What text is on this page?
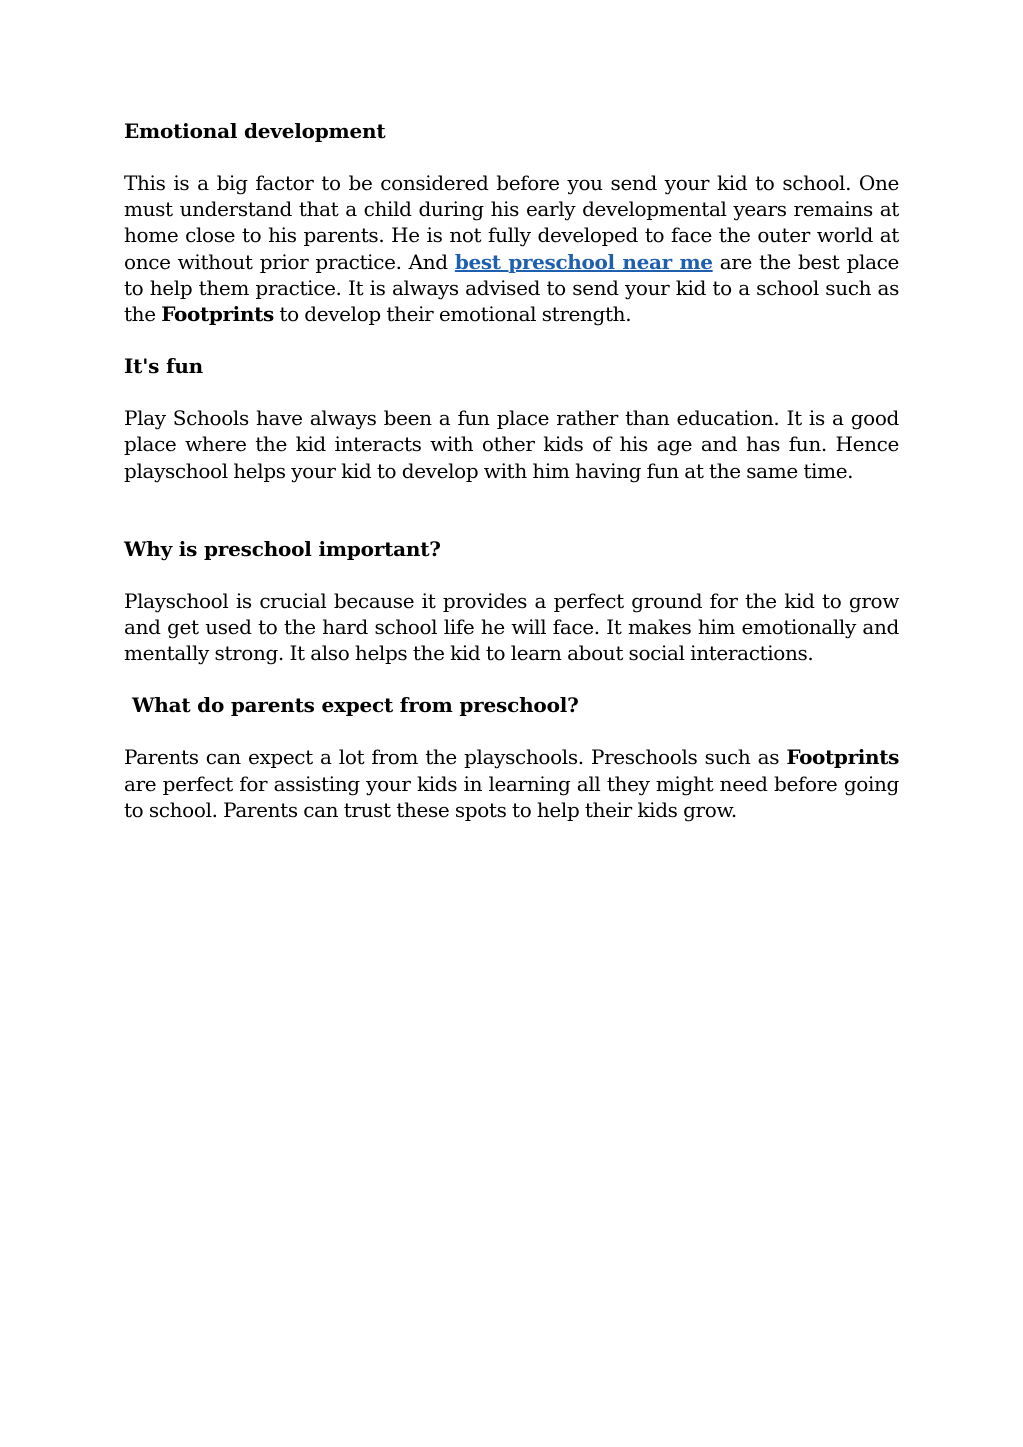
Emotional development

This is a big factor to be considered before you send your kid to school. One must understand that a child during his early developmental years remains at home close to his parents. He is not fully developed to face the outer world at once without prior practice. And best preschool near me are the best place to help them practice. It is always advised to send your kid to a school such as the Footprints to develop their emotional strength.

It's fun

Play Schools have always been a fun place rather than education. It is a good place where the kid interacts with other kids of his age and has fun. Hence playschool helps your kid to develop with him having fun at the same time.

Why is preschool important?

Playschool is crucial because it provides a perfect ground for the kid to grow and get used to the hard school life he will face. It makes him emotionally and mentally strong. It also helps the kid to learn about social interactions.

What do parents expect from preschool?

Parents can expect a lot from the playschools. Preschools such as Footprints are perfect for assisting your kids in learning all they might need before going to school. Parents can trust these spots to help their kids grow.
